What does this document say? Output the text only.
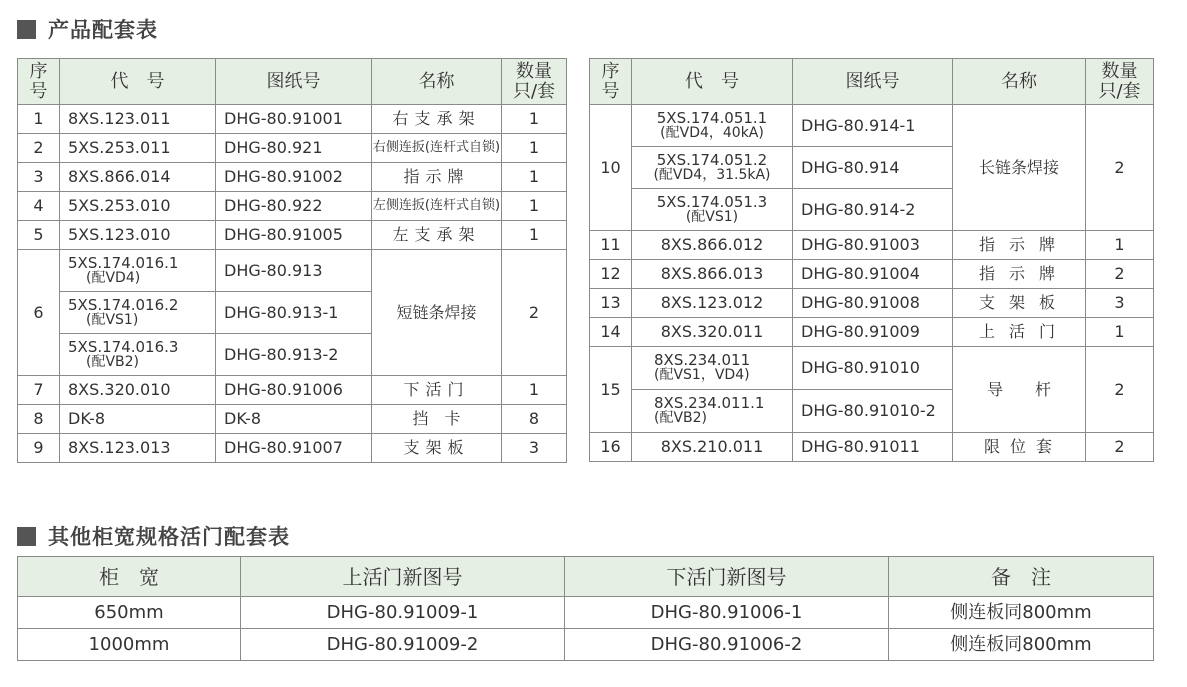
产品配套表
序
号	代　号	图纸号	名称	数量
只/套

1	8XS.123.011	DHG-80.91001	右支承架	1
2	5XS.253.011	DHG-80.921	右侧连扳(连杆式自锁)	1
3	8XS.866.014	DHG-80.91002	指示牌	1
4	5XS.253.010	DHG-80.922	左侧连扳(连杆式自锁)	1
5	5XS.123.010	DHG-80.91005	左支承架	1
6	5XS.174.016.1
(配VD4)	DHG-80.913	短链条焊接	2

	5XS.174.016.2
(配VS1)	DHG-80.913-1		

	5XS.174.016.3
(配VB2)	DHG-80.913-2		
7	8XS.320.010	DHG-80.91006	下活门	1
8	DK-8	DK-8	挡　卡	8
9	8XS.123.013	DHG-80.91007	支架板	3
序
号	代　号	图纸号	名称	数量
只/套

10	5XS.174.051.1
(配VD4，40kA)	DHG-80.914-1	长链条焊接	2

	5XS.174.051.2
(配VD4，31.5kA)	DHG-80.914		

	5XS.174.051.3
(配VS1)	DHG-80.914-2		
11	8XS.866.012	DHG-80.91003	指示牌	1
12	8XS.866.013	DHG-80.91004	指示牌	2
13	8XS.123.012	DHG-80.91008	支架板	3
14	8XS.320.011	DHG-80.91009	上活门	1
15	8XS.234.011
(配VS1，VD4)	DHG-80.91010	导　　杆	2

	8XS.234.011.1
(配VB2)	DHG-80.91010-2		
16	8XS.210.011	DHG-80.91011	限位套	2
其他柜宽规格活门配套表
柜　宽	上活门新图号	下活门新图号	备　注
650mm	DHG-80.91009-1	DHG-80.91006-1	侧连板同800mm
1000mm	DHG-80.91009-2	DHG-80.91006-2	侧连板同800mm
